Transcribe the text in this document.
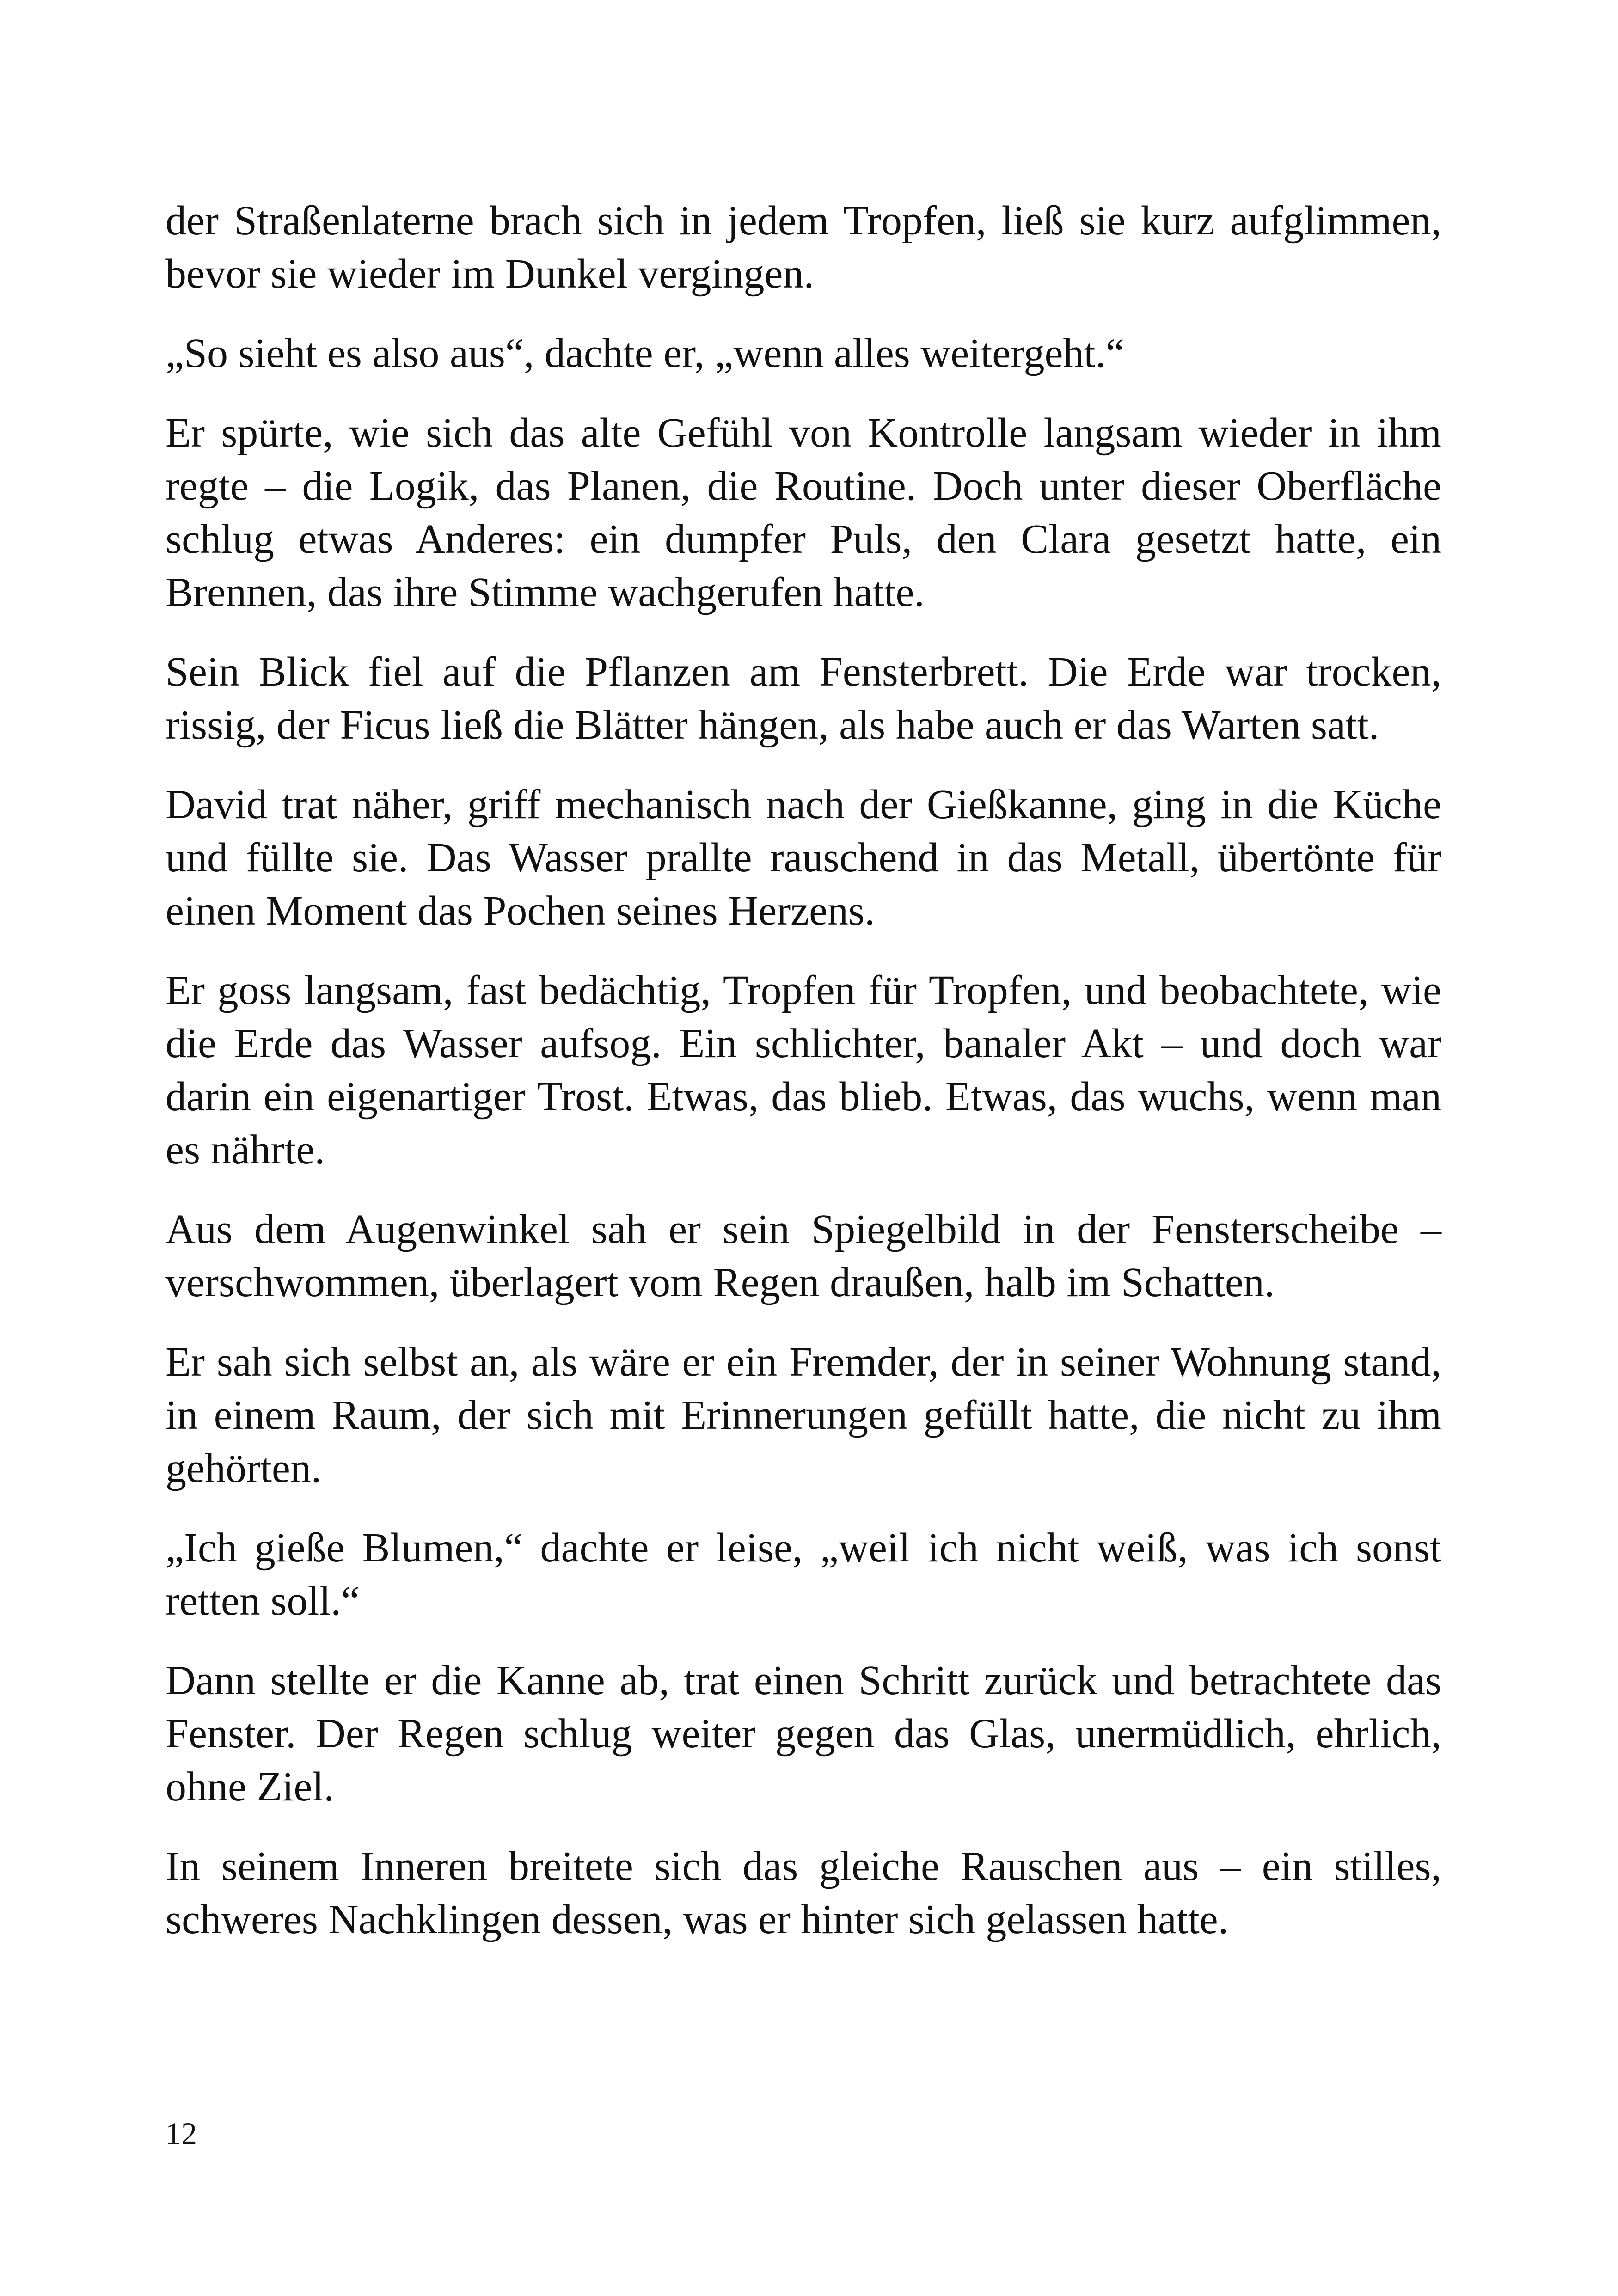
der Straßenlaterne brach sich in jedem Tropfen, ließ sie kurz aufglimmen, bevor sie wieder im Dunkel vergingen.

„So sieht es also aus“, dachte er, „wenn alles weitergeht.“

Er spürte, wie sich das alte Gefühl von Kontrolle langsam wieder in ihm regte – die Logik, das Planen, die Routine. Doch unter dieser Oberfläche schlug etwas Anderes: ein dumpfer Puls, den Clara gesetzt hatte, ein Brennen, das ihre Stimme wachgerufen hatte.

Sein Blick fiel auf die Pflanzen am Fensterbrett. Die Erde war trocken, rissig, der Ficus ließ die Blätter hängen, als habe auch er das Warten satt.

David trat näher, griff mechanisch nach der Gießkanne, ging in die Küche und füllte sie. Das Wasser prallte rauschend in das Metall, übertönte für einen Moment das Pochen seines Herzens.

Er goss langsam, fast bedächtig, Tropfen für Tropfen, und beobachtete, wie die Erde das Wasser aufsog. Ein schlichter, banaler Akt – und doch war darin ein eigenartiger Trost. Etwas, das blieb. Etwas, das wuchs, wenn man es nährte.

Aus dem Augenwinkel sah er sein Spiegelbild in der Fensterscheibe – verschwommen, überlagert vom Regen draußen, halb im Schatten.

Er sah sich selbst an, als wäre er ein Fremder, der in seiner Wohnung stand, in einem Raum, der sich mit Erinnerungen gefüllt hatte, die nicht zu ihm gehörten.

„Ich gieße Blumen,“ dachte er leise, „weil ich nicht weiß, was ich sonst retten soll.“

Dann stellte er die Kanne ab, trat einen Schritt zurück und betrachtete das Fenster. Der Regen schlug weiter gegen das Glas, unermüdlich, ehrlich, ohne Ziel.

In seinem Inneren breitete sich das gleiche Rauschen aus – ein stilles, schweres Nachklingen dessen, was er hinter sich gelassen hatte.

12
